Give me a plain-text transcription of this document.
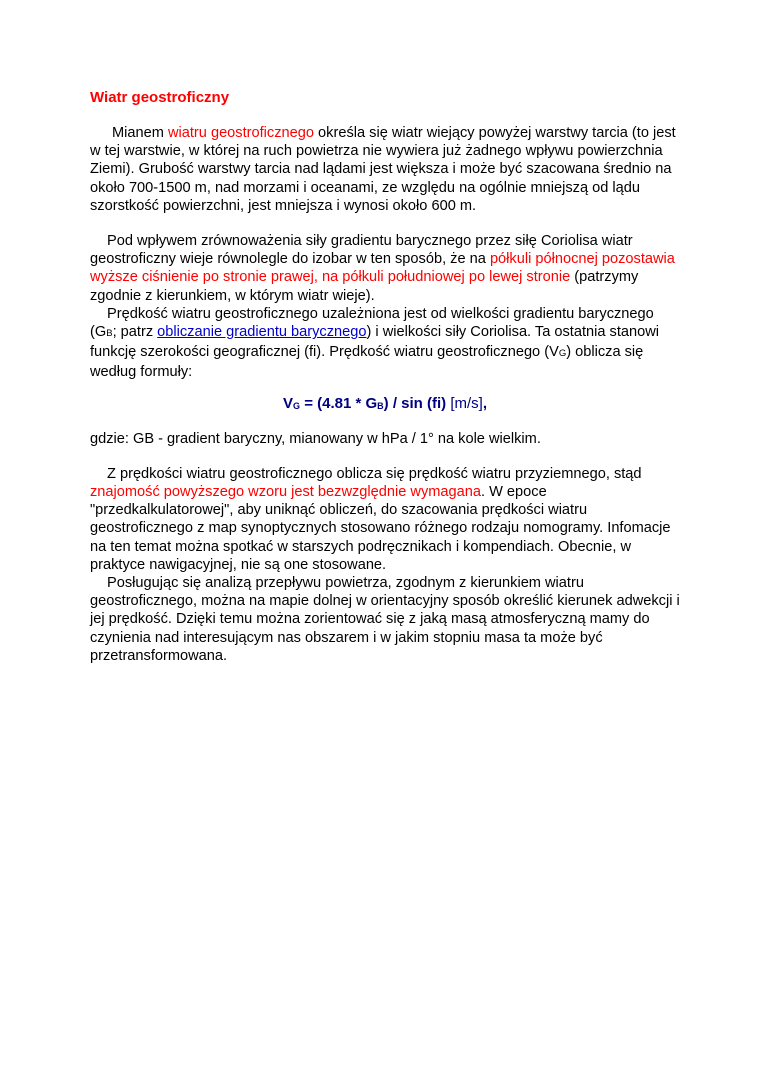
Wiatr geostroficzny

Mianem wiatru geostroficznego określa się wiatr wiejący powyżej warstwy tarcia (to jest w tej warstwie, w której na ruch powietrza nie wywiera już żadnego wpływu powierzchnia Ziemi). Grubość warstwy tarcia nad lądami jest większa i może być szacowana średnio na około 700-1500 m, nad morzami i oceanami, ze względu na ogólnie mniejszą od lądu szorstkość powierzchni, jest mniejsza i wynosi około 600 m.

Pod wpływem zrównoważenia siły gradientu barycznego przez siłę Coriolisa wiatr geostroficzny wieje równolegle do izobar w ten sposób, że na półkuli północnej pozostawia wyższe ciśnienie po stronie prawej, na półkuli południowej po lewej stronie (patrzymy zgodnie z kierunkiem, w którym wiatr wieje).

Prędkość wiatru geostroficznego uzależniona jest od wielkości gradientu barycznego (GB; patrz obliczanie gradientu barycznego) i wielkości siły Coriolisa. Ta ostatnia stanowi funkcję szerokości geograficznej (fi). Prędkość wiatru geostroficznego (VG) oblicza się według formuły:

VG = (4.81 * GB) / sin (fi) [m/s],

gdzie: GB - gradient baryczny, mianowany w hPa / 1° na kole wielkim.

Z prędkości wiatru geostroficznego oblicza się prędkość wiatru przyziemnego, stąd znajomość powyższego wzoru jest bezwzględnie wymagana. W epoce "przedkalkulatorowej", aby uniknąć obliczeń, do szacowania prędkości wiatru geostroficznego z map synoptycznych stosowano różnego rodzaju nomogramy. Infomacje na ten temat można spotkać w starszych podręcznikach i kompendiach. Obecnie, w praktyce nawigacyjnej, nie są one stosowane.

Posługując się analizą przepływu powietrza, zgodnym z kierunkiem wiatru geostroficznego, można na mapie dolnej w orientacyjny sposób określić kierunek adwekcji i jej prędkość. Dzięki temu można zorientować się z jaką masą atmosferyczną mamy do czynienia nad interesującym nas obszarem i w jakim stopniu masa ta może być przetransformowana.
